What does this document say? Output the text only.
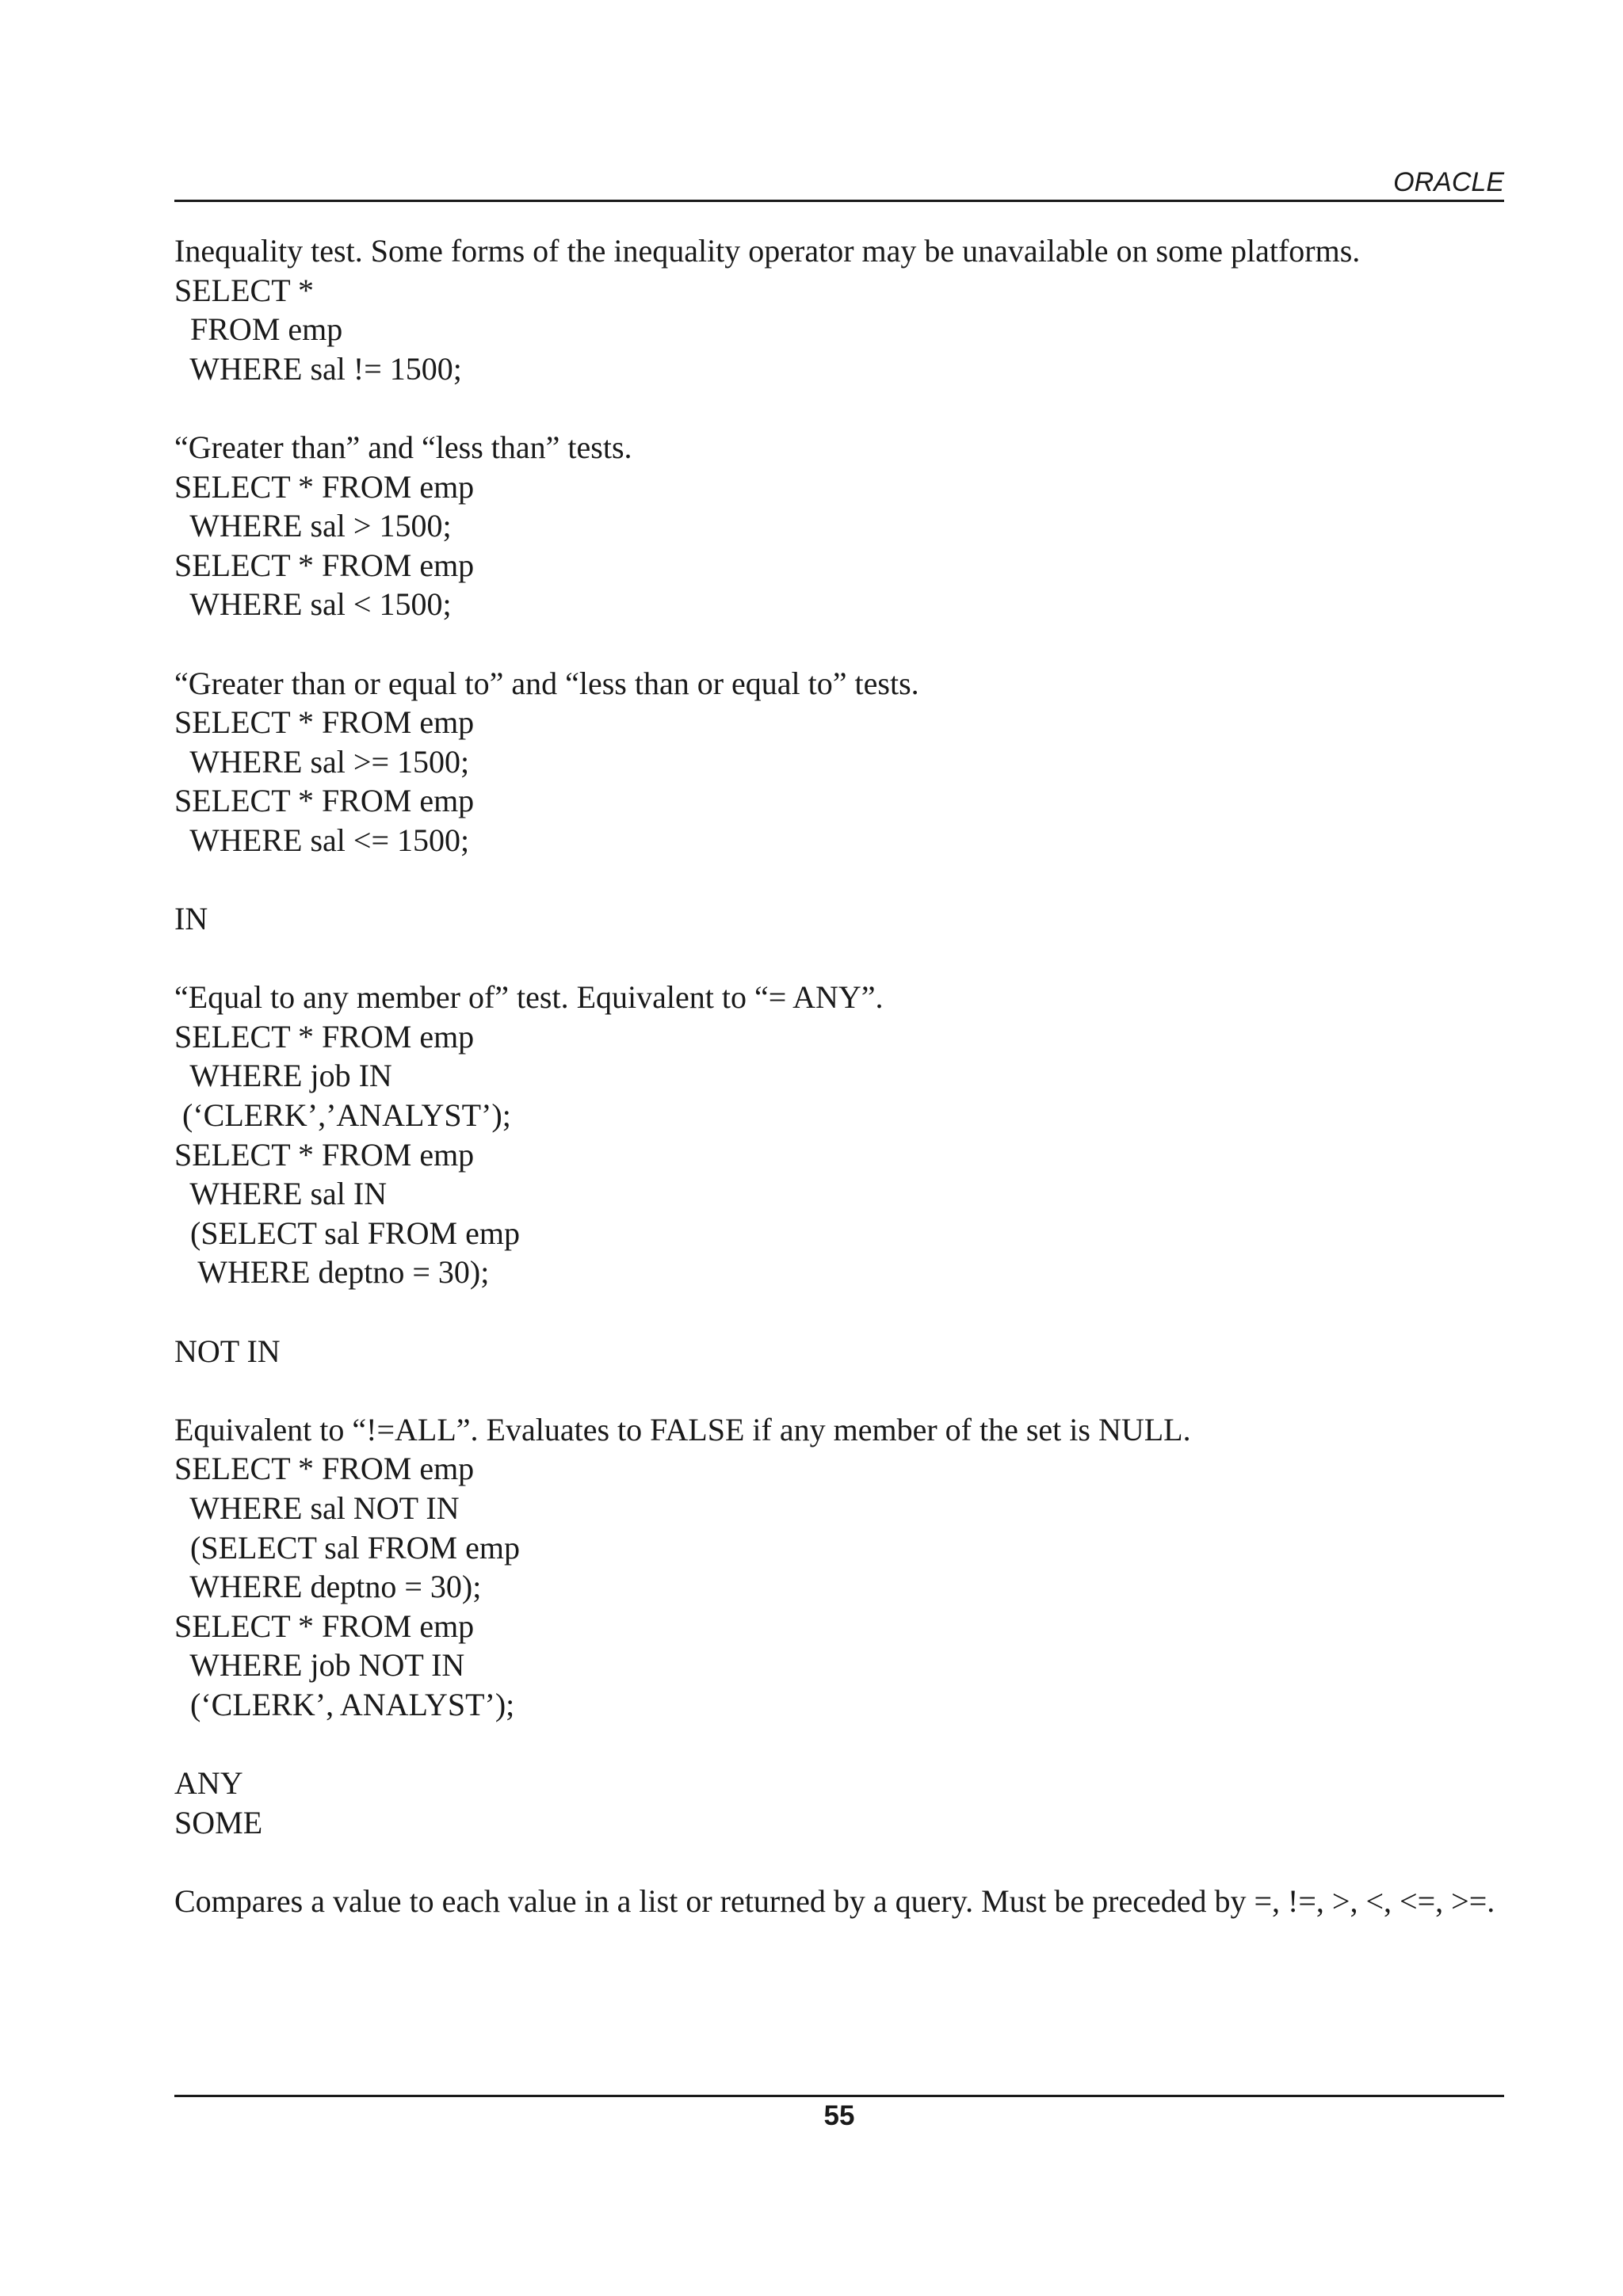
ORACLE
Inequality test. Some forms of the inequality operator may be unavailable on some platforms.
SELECT *
FROM emp
WHERE sal != 1500;
“Greater than” and “less than” tests.
SELECT * FROM emp
WHERE sal > 1500;
SELECT * FROM emp
WHERE sal < 1500;
“Greater than or equal to” and “less than or equal to” tests.
SELECT * FROM emp
WHERE sal >= 1500;
SELECT * FROM emp
WHERE sal <= 1500;
IN
“Equal to any member of” test. Equivalent to “= ANY”.
SELECT * FROM emp
WHERE job IN
(‘CLERK’,’ANALYST’);
SELECT * FROM emp
WHERE sal IN
(SELECT sal FROM emp
WHERE deptno = 30);
NOT IN
Equivalent to “!=ALL”. Evaluates to FALSE if any member of the set is NULL.
SELECT * FROM emp
WHERE sal NOT IN
(SELECT sal FROM emp
WHERE deptno = 30);
SELECT * FROM emp
WHERE job NOT IN
(‘CLERK’, ANALYST’);
ANY
SOME
Compares a value to each value in a list or returned by a query. Must be preceded by =, !=, >, <, <=, >=.
55
